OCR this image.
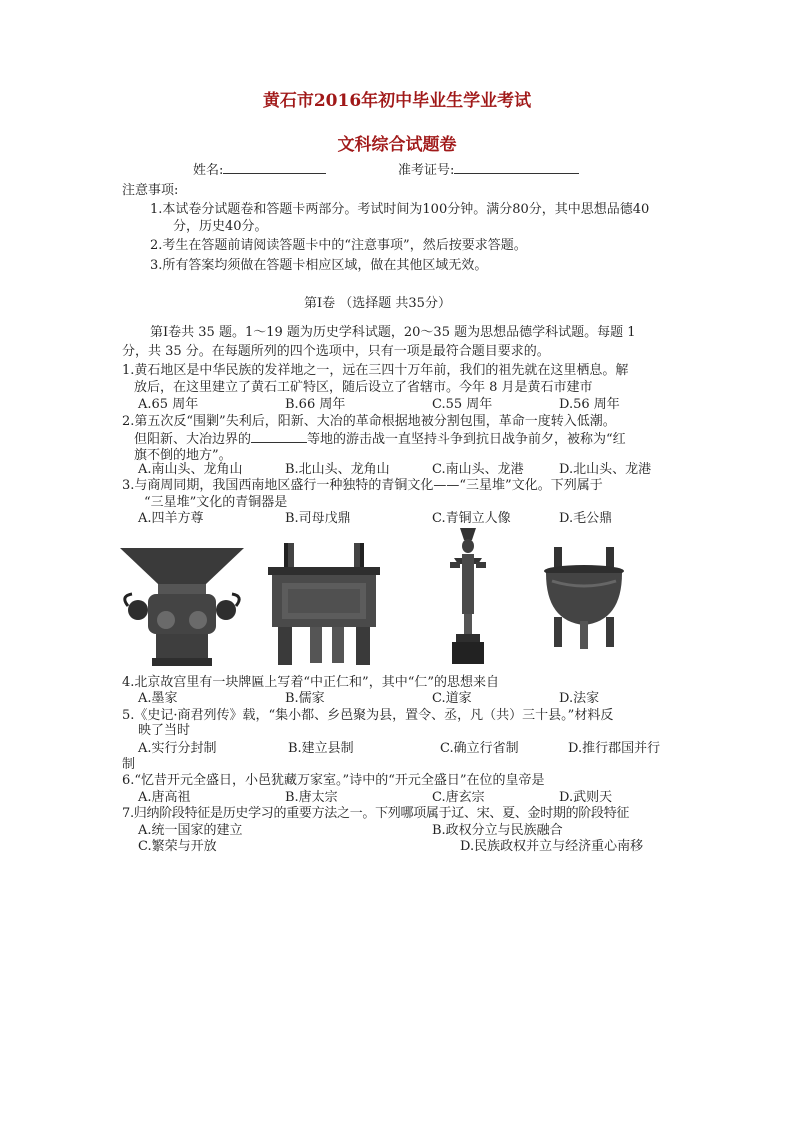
黄石市2016年初中毕业生学业考试
文科综合试题卷
姓名:	准考证号:
注意事项:
1.本试卷分试题卷和答题卡两部分。考试时间为100分钟。满分80分，其中思想品德40
分，历史40分。
2.考生在答题前请阅读答题卡中的“注意事项”，然后按要求答题。
3.所有答案均须做在答题卡相应区域，做在其他区域无效。
第Ⅰ卷 （选择题 共35分）
第Ⅰ卷共 35 题。1～19 题为历史学科试题，20～35 题为思想品德学科试题。每题 1
分，共 35 分。在每题所列的四个选项中，只有一项是最符合题目要求的。
1.黄石地区是中华民族的发祥地之一，远在三四十万年前，我们的祖先就在这里栖息。解
放后，在这里建立了黄石工矿特区，随后设立了省辖市。今年 8 月是黄石市建市
A.65 周年	B.66 周年	C.55 周年	D.56 周年
2.第五次反“围剿”失利后，阳新、大冶的革命根据地被分割包围，革命一度转入低潮。
但阳新、大冶边界的	等地的游击战一直坚持斗争到抗日战争前夕，被称为“红
旗不倒的地方”。
A.南山头、龙角山	B.北山头、龙角山	C.南山头、龙港	D.北山头、龙港
3.与商周同期，我国西南地区盛行一种独特的青铜文化——“三星堆”文化。下列属于
“三星堆”文化的青铜器是
A.四羊方尊	B.司母戊鼎	C.青铜立人像	D.毛公鼎
4.北京故宫里有一块牌匾上写着“中正仁和”，其中“仁”的思想来自
A.墨家	B.儒家	C.道家	D.法家
5.《史记·商君列传》载，“集小都、乡邑聚为县，置令、丞，凡（共）三十县。”材料反
映了当时
A.实行分封制	B.建立县制	C.确立行省制	D.推行郡国并行
制
6.“忆昔开元全盛日，小邑犹藏万家室。”诗中的“开元全盛日”在位的皇帝是
A.唐高祖	B.唐太宗	C.唐玄宗	D.武则天
7.归纳阶段特征是历史学习的重要方法之一。下列哪项属于辽、宋、夏、金时期的阶段特征
A.统一国家的建立	B.政权分立与民族融合
C.繁荣与开放	D.民族政权并立与经济重心南移
